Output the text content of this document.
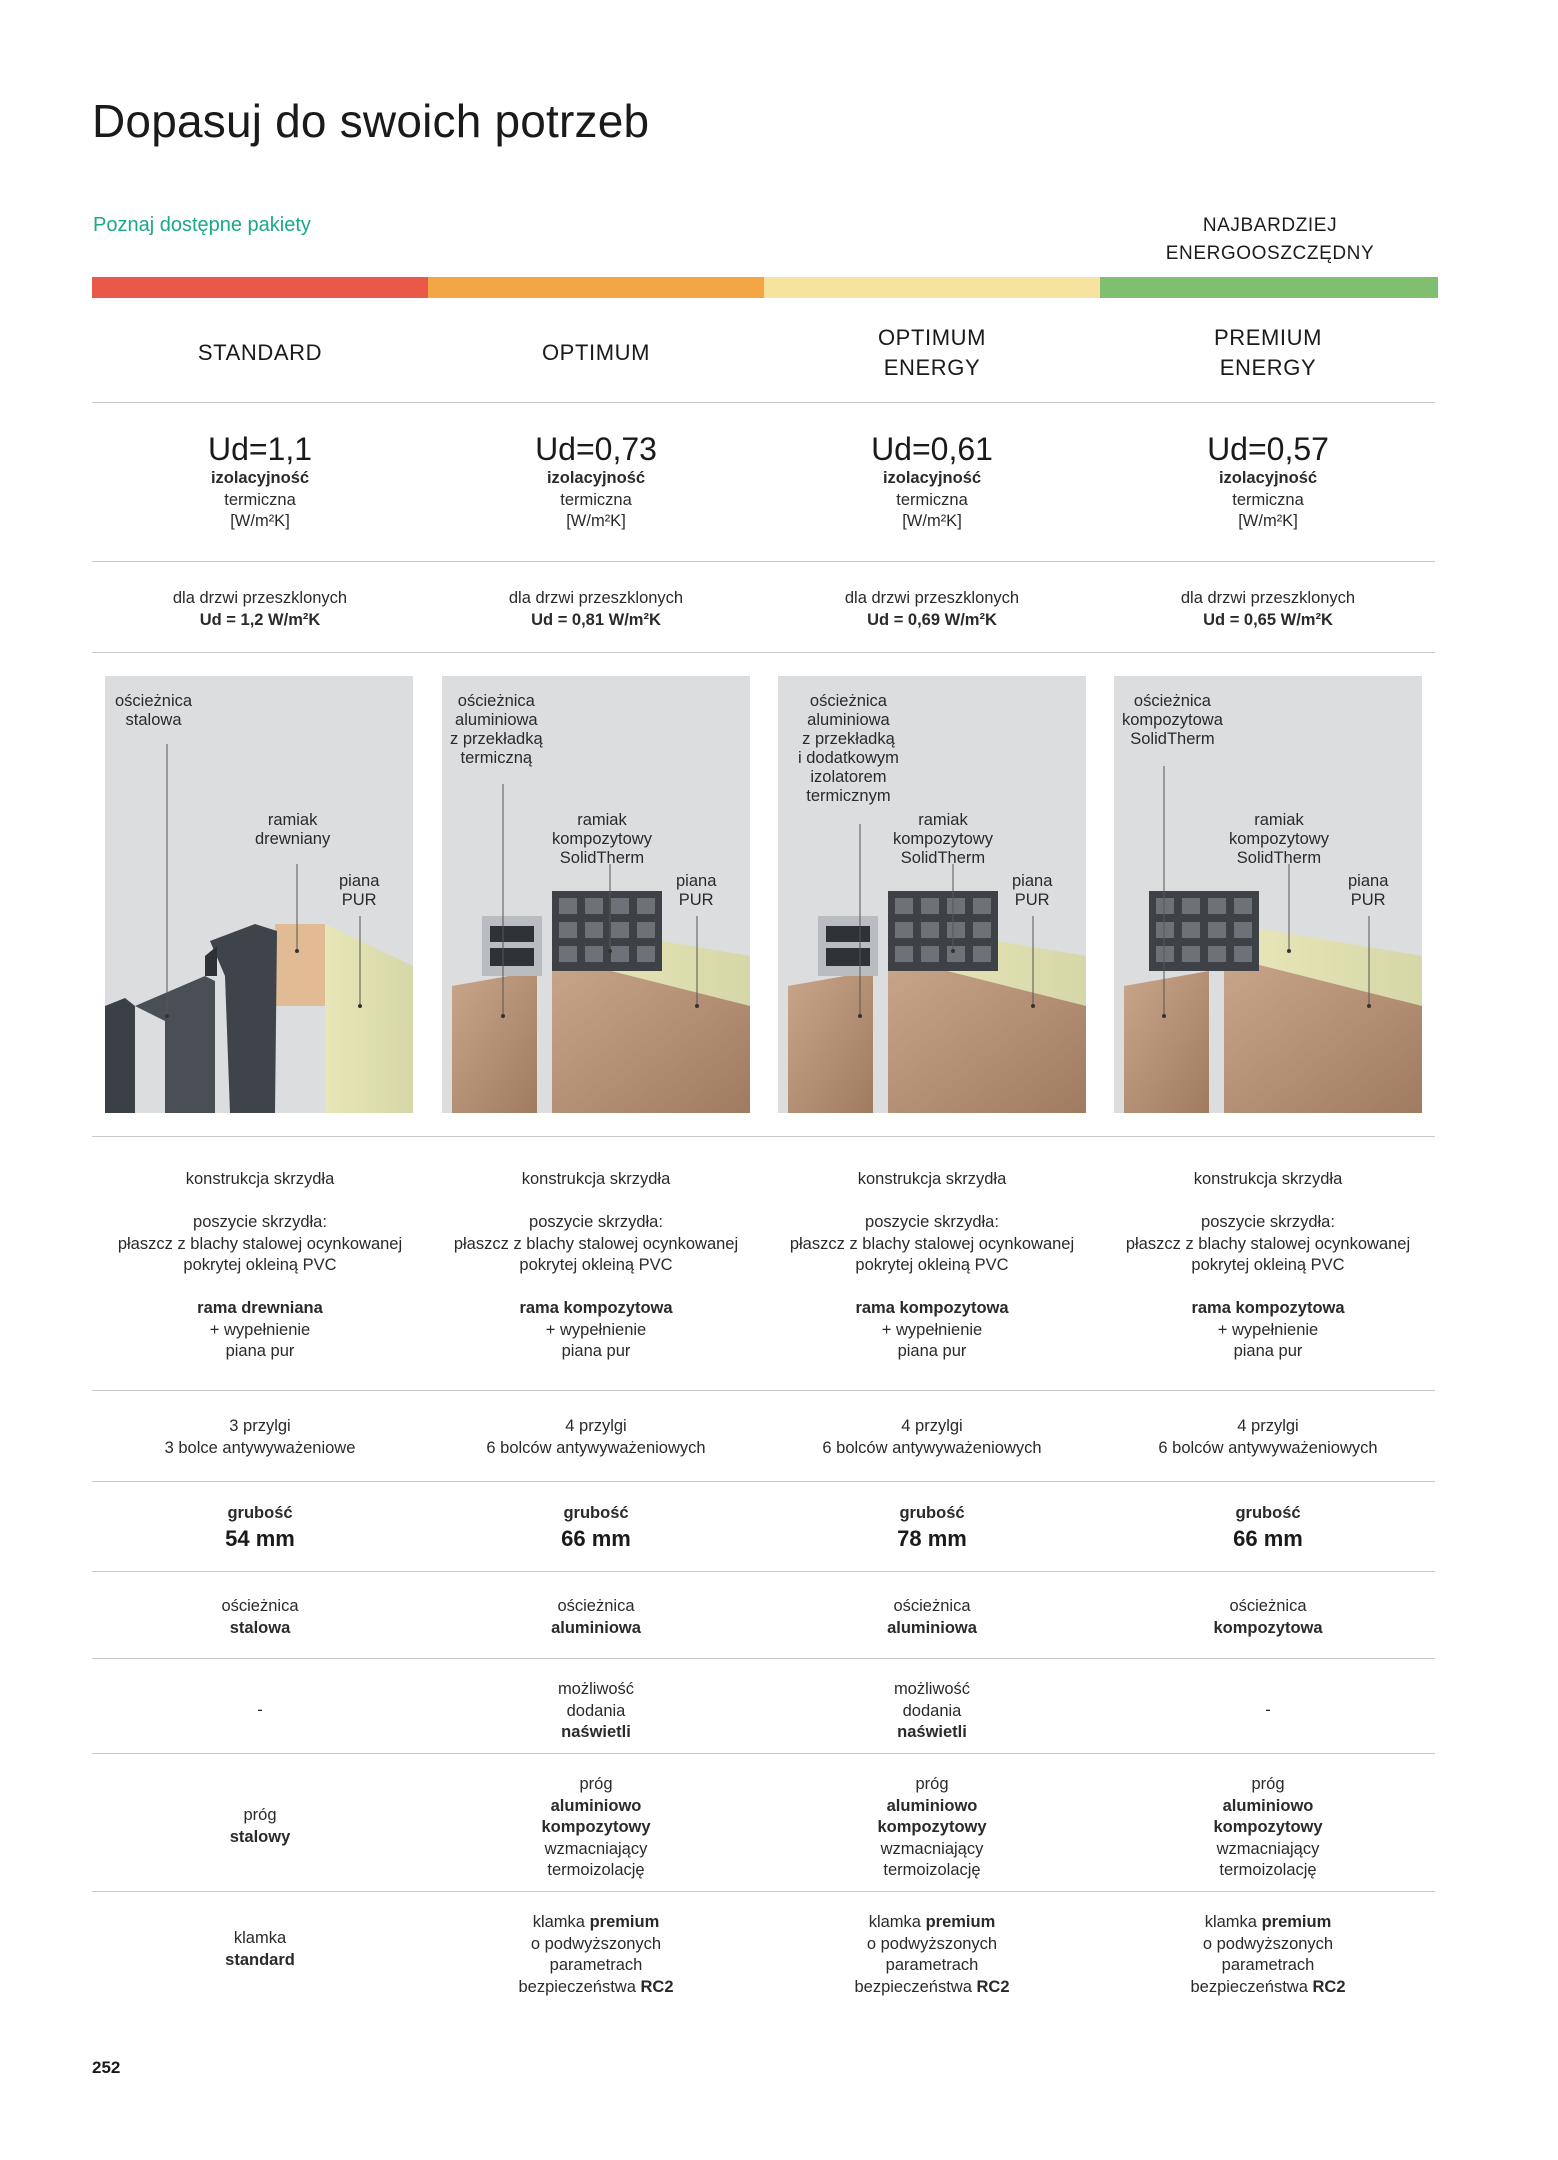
Dopasuj do swoich potrzeb
Poznaj dostępne pakiety	NAJBARDZIEJ
ENERGOOSZCZĘDNY
STANDARD
Ud=1,1
izolacyjność
termiczna
[W/m²K]
dla drzwi przeszklonych
Ud = 1,2 W/m²K
konstrukcja skrzydła
poszycie skrzydła:
płaszcz z blachy stalowej ocynkowanej
pokrytej okleiną PVC
rama drewniana
+ wypełnienie
piana pur
3 przylgi
3 bolce antywyważeniowe
grubość
54 mm
ościeżnica
stalowa
-
próg
stalowy
klamka
standard
ościeżnica
stalowa
ramiak
drewniany
piana
PUR
OPTIMUM
Ud=0,73
izolacyjność
termiczna
[W/m²K]
dla drzwi przeszklonych
Ud = 0,81 W/m²K
konstrukcja skrzydła
poszycie skrzydła:
płaszcz z blachy stalowej ocynkowanej
pokrytej okleiną PVC
rama kompozytowa
+ wypełnienie
piana pur
4 przylgi
6 bolców antywyważeniowych
grubość
66 mm
ościeżnica
aluminiowa
możliwość
dodania
naświetli
próg
aluminiowo
kompozytowy
wzmacniający
termoizolację
klamka premium
o podwyższonych
parametrach
bezpieczeństwa RC2
ościeżnica
aluminiowa
z przekładką
termiczną
ramiak
kompozytowy
SolidTherm
piana
PUR
OPTIMUM
ENERGY
Ud=0,61
izolacyjność
termiczna
[W/m²K]
dla drzwi przeszklonych
Ud = 0,69 W/m²K
konstrukcja skrzydła
poszycie skrzydła:
płaszcz z blachy stalowej ocynkowanej
pokrytej okleiną PVC
rama kompozytowa
+ wypełnienie
piana pur
4 przylgi
6 bolców antywyważeniowych
grubość
78 mm
ościeżnica
aluminiowa
możliwość
dodania
naświetli
próg
aluminiowo
kompozytowy
wzmacniający
termoizolację
klamka premium
o podwyższonych
parametrach
bezpieczeństwa RC2
ościeżnica
aluminiowa
z przekładką
i dodatkowym
izolatorem
termicznym
ramiak
kompozytowy
SolidTherm
piana
PUR
PREMIUM
ENERGY
Ud=0,57
izolacyjność
termiczna
[W/m²K]
dla drzwi przeszklonych
Ud = 0,65 W/m²K
konstrukcja skrzydła
poszycie skrzydła:
płaszcz z blachy stalowej ocynkowanej
pokrytej okleiną PVC
rama kompozytowa
+ wypełnienie
piana pur
4 przylgi
6 bolców antywyważeniowych
grubość
66 mm
ościeżnica
kompozytowa
-
próg
aluminiowo
kompozytowy
wzmacniający
termoizolację
klamka premium
o podwyższonych
parametrach
bezpieczeństwa RC2
ościeżnica
kompozytowa
SolidTherm
ramiak
kompozytowy
SolidTherm
piana
PUR
252
